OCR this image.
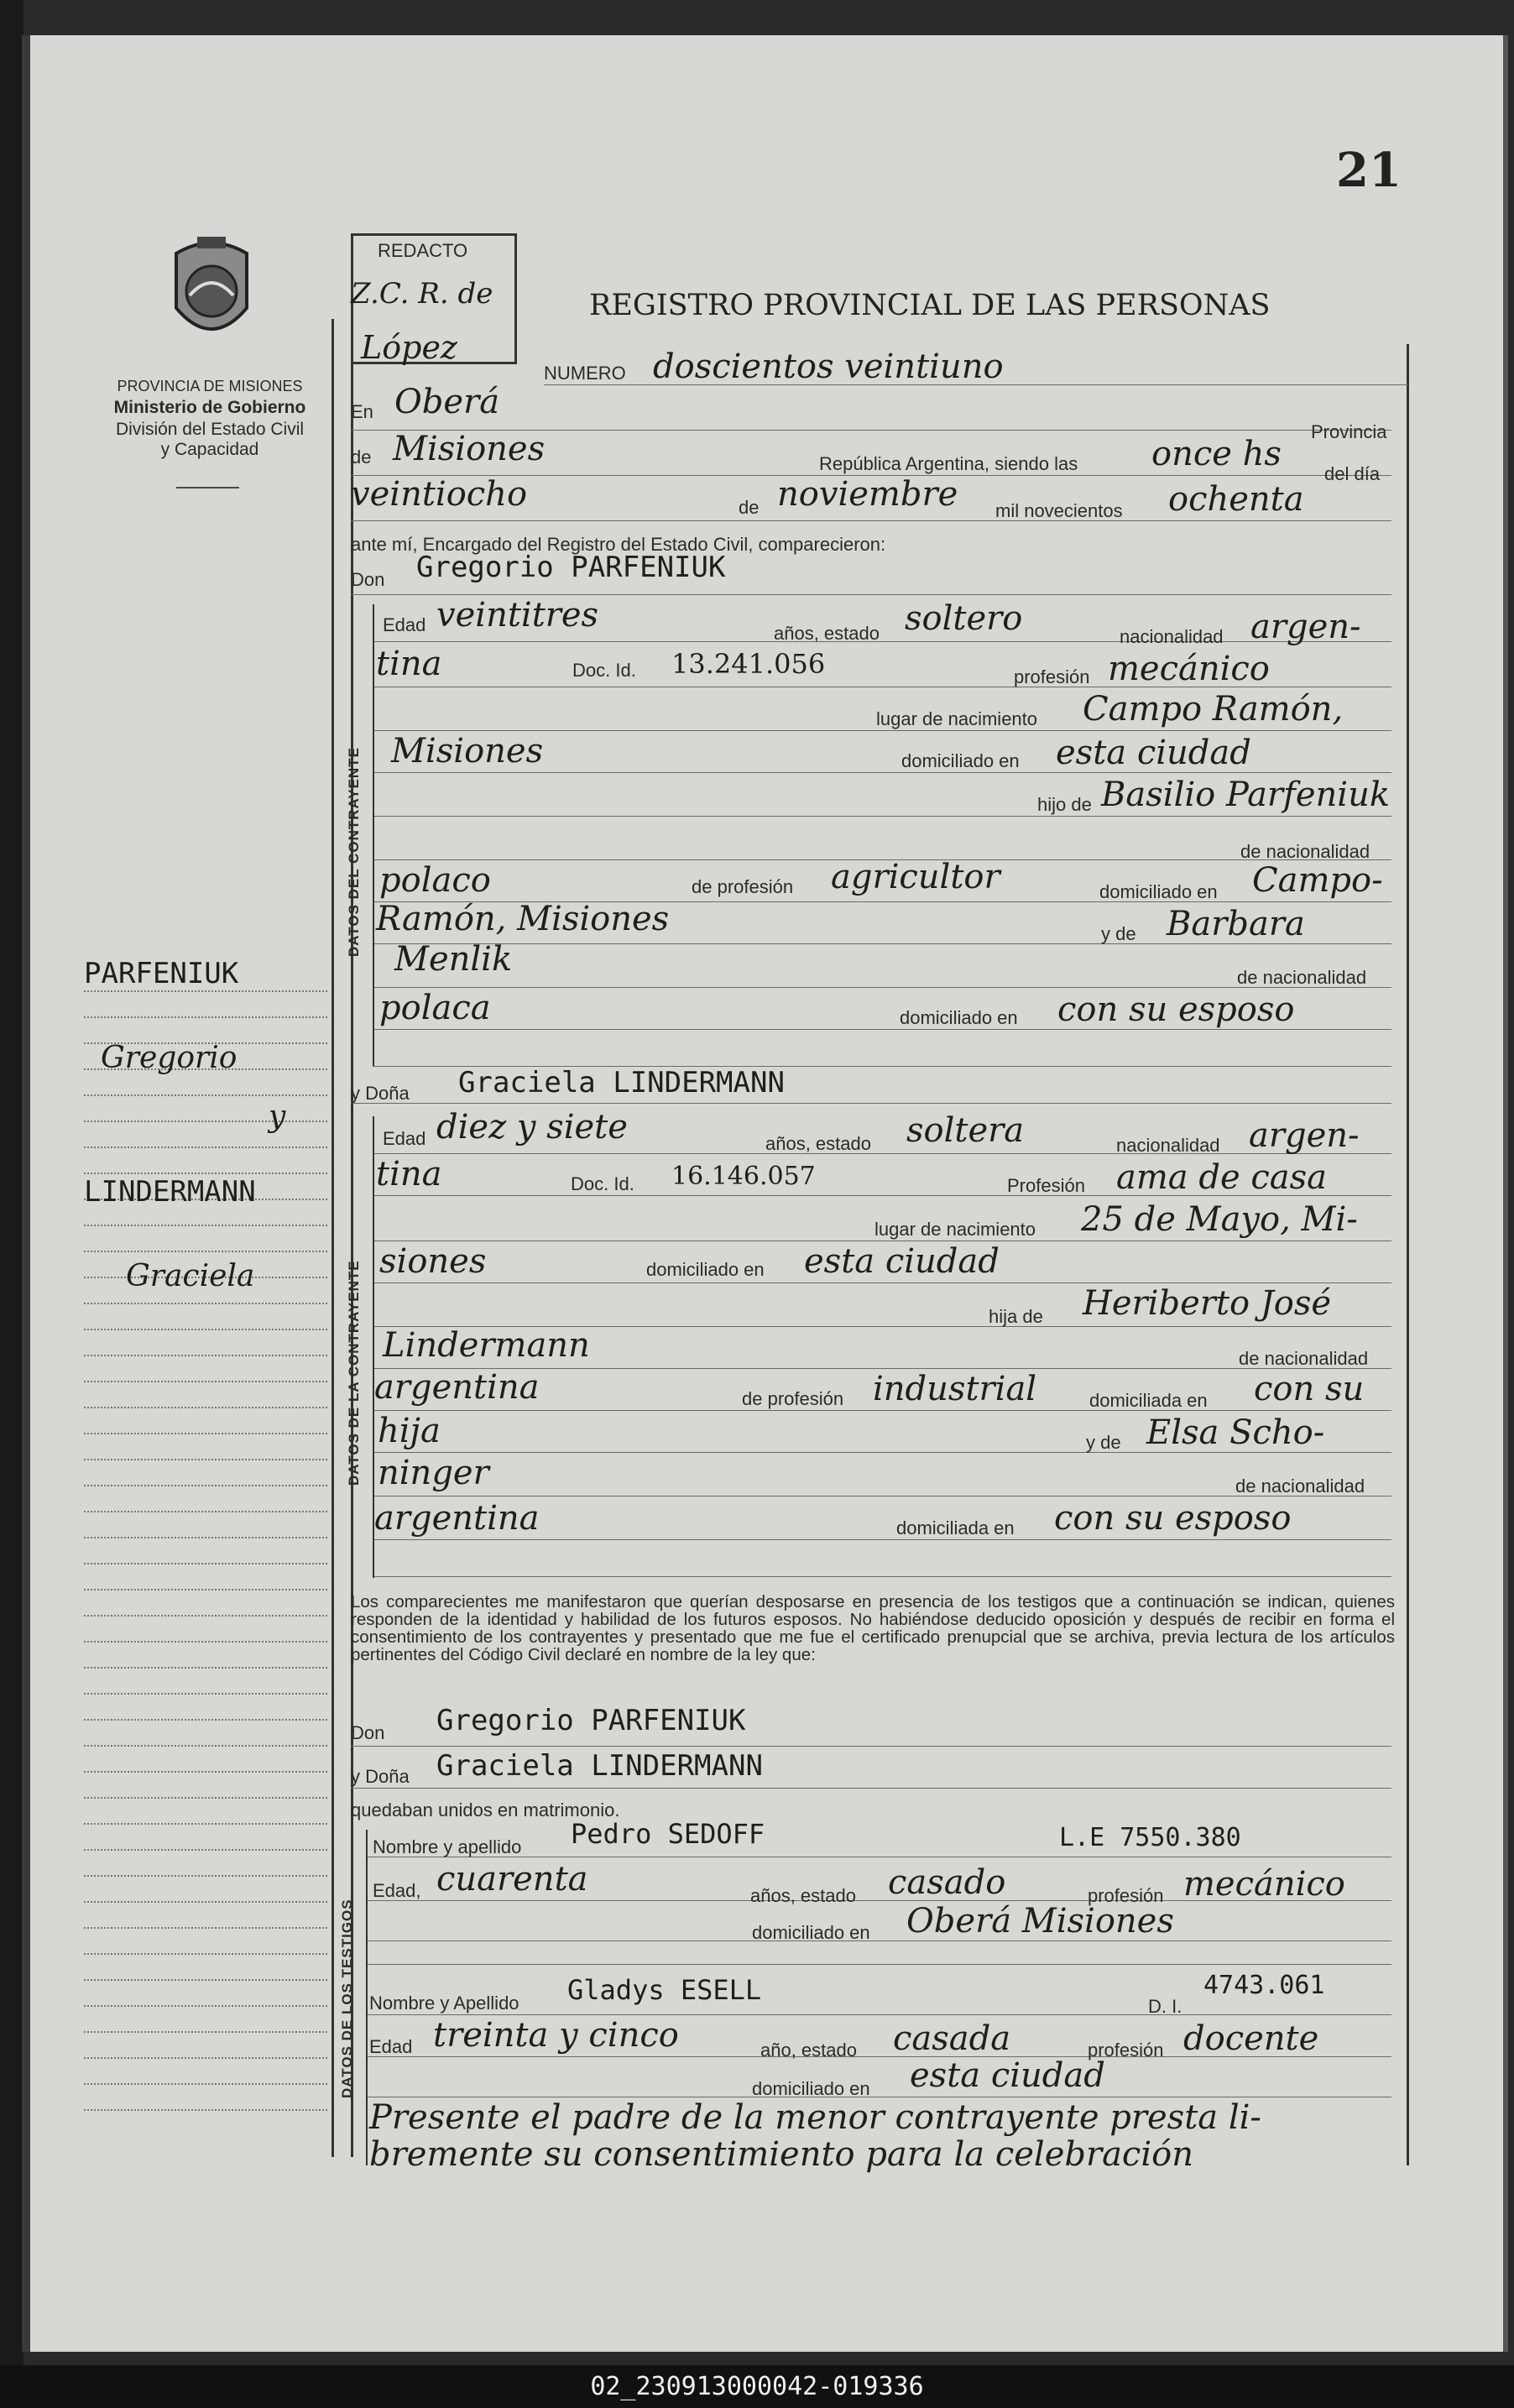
21
PROVINCIA DE MISIONES
Ministerio de Gobierno
División del Estado Civil
y Capacidad
PARFENIUK
Gregorio
y
LINDERMANN
Graciela
REDACTO
Z.C. R. de
López
REGISTRO PROVINCIAL DE LAS PERSONAS
NUMERO doscientos veintiuno
En Oberá
Provincia
de Misiones	República Argentina, siendo las once hs
del día
veintiocho	de noviembre mil novecientos ochenta
ante mí, Encargado del Registro del Estado Civil, comparecieron:
Don Gregorio PARFENIUK
DATOS DEL CONTRAYENTE
Edad veintitres	años, estado soltero	nacionalidad argen-
tina	Doc. Id. 13.241.056	profesión mecánico
lugar de nacimiento Campo Ramón,
Misiones	domiciliado en esta ciudad
hijo de Basilio Parfeniuk
de nacionalidad
polaco	de profesión agricultor	domiciliado en Campo-
Ramón, Misiones	y de Barbara
Menlik	de nacionalidad
polaca	domiciliado en con su esposo
y Doña Graciela LINDERMANN
DATOS DE LA CONTRAYENTE
Edad diez y siete	años, estado soltera	nacionalidad argen-
tina	Doc. Id. 16.146.057	Profesión ama de casa
lugar de nacimiento 25 de Mayo, Mi-
siones	domiciliado en esta ciudad
hija de Heriberto José
Lindermann	de nacionalidad
argentina	de profesión industrial	domiciliada en con su
hija	y de Elsa Scho-
ninger	de nacionalidad
argentina	domiciliada en con su esposo
Los comparecientes me manifestaron que querían desposarse en presencia de los testigos que a continuación se indican, quienes responden de la identidad y habilidad de los futuros esposos. No habiéndose deducido oposición y después de recibir en forma el consentimiento de los contrayentes y presentado que me fue el certificado prenupcial que se archiva, previa lectura de los artículos pertinentes del Código Civil declaré en nombre de la ley que:
Don Gregorio PARFENIUK
y Doña Graciela LINDERMANN
quedaban unidos en matrimonio.
DATOS DE LOS TESTIGOS
Nombre y apellido Pedro SEDOFF	L.E 7550.380
Edad, cuarenta	años, estado casado	profesión mecánico
domiciliado en Oberá Misiones
Nombre y Apellido Gladys ESELL
D. I.
4743.061
Edad treinta y cinco	año, estado casada	profesión docente
domiciliado en esta ciudad
Presente el padre de la menor contrayente presta li-
bremente su consentimiento para la celebración
02_230913000042-019336
